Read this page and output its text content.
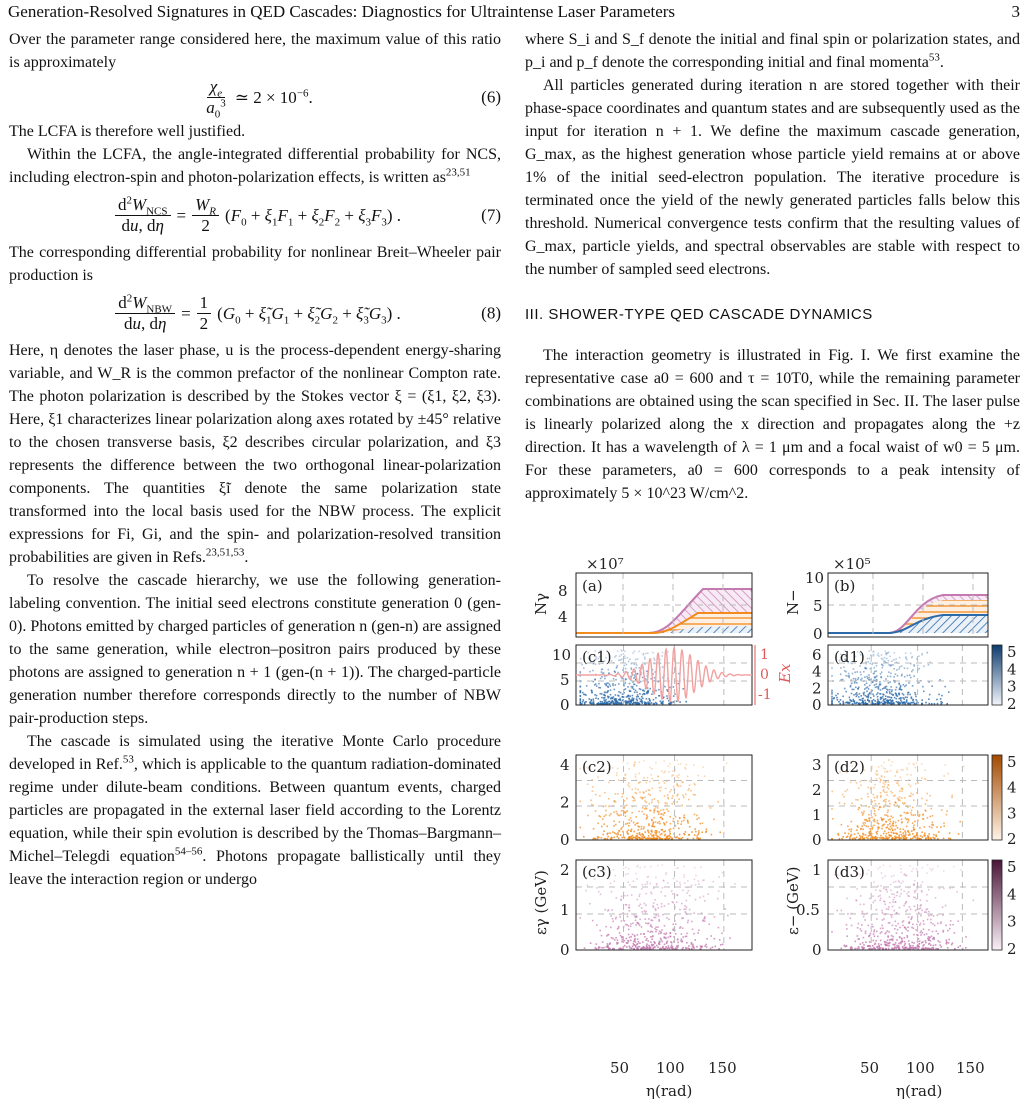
Generation-Resolved Signatures in QED Cascades: Diagnostics for Ultraintense Laser Parameters	3

Over the parameter range considered here, the maximum value of this ratio is approximately

$\frac{\chi_e}{a_0^3}$ ≃ $2 \times 10^{-6}$.	(6)

The LCFA is therefore well justified.

Within the LCFA, the angle-integrated differential probability for NCS, including electron-spin and photon-polarization effects, is written as$^{23,51}$

$\frac{d^2W_{NCS}}{du, d\eta} = \frac{W_R}{2} (F_0 + \xi_1F_1 + \xi_2F_2 + \xi_3F_3)$ .	(7)

The corresponding differential probability for nonlinear Breit–Wheeler pair production is

$\frac{d^2W_{NBW}}{du, d\eta} = \frac{1}{2} (G_0$ + $\xĩ_1G_1$ + $\xĩ_2G_2$ + $\xĩ_3G_3$) .	(8)

Here, η denotes the laser phase, u is the process-dependent energy-sharing variable, and W_R is the common prefactor of the nonlinear Compton rate. The photon polarization is described by the Stokes vector ξ = (ξ1, ξ2, ξ3). Here, ξ1 characterizes linear polarization along axes rotated by ±45° relative to the chosen transverse basis, ξ2 describes circular polarization, and ξ3 represents the difference between the two orthogonal linear-polarization components. The quantities ξ̃i denote the same polarization state transformed into the local basis used for the NBW process. The explicit expressions for Fi, Gi, and the spin- and polarization-resolved transition probabilities are given in Refs.$^{23,51,53}$.

To resolve the cascade hierarchy, we use the following generation-labeling convention. The initial seed electrons constitute generation 0 (gen-0). Photons emitted by charged particles of generation n (gen-n) are assigned to the same generation, while electron–positron pairs produced by these photons are assigned to generation n + 1 (gen-(n + 1)). The charged-particle generation number therefore corresponds directly to the number of NBW pair-production steps.

The cascade is simulated using the iterative Monte Carlo procedure developed in Ref.$^{53}$, which is applicable to the quantum radiation-dominated regime under dilute-beam conditions. Between quantum events, charged particles are propagated in the external laser field according to the Lorentz equation, while their spin evolution is described by the Thomas–Bargmann–Michel–Telegdi equation$^{54-56}$. Photons propagate ballistically until they leave the interaction region or undergo

where S_i and S_f denote the initial and final spin or polarization states, and p_i and p_f denote the corresponding initial and final momenta$^{53}$.

All particles generated during iteration n are stored together with their phase-space coordinates and quantum states and are subsequently used as the input for iteration n + 1. We define the maximum cascade generation, G_max, as the highest generation whose particle yield remains at or above 1% of the initial seed-electron population. The iterative procedure is terminated once the yield of the newly generated particles falls below this threshold. Numerical convergence tests confirm that the resulting values of G_max, particle yields, and spectral observables are stable with respect to the number of sampled seed electrons.

III. SHOWER-TYPE QED CASCADE DYNAMICS

The interaction geometry is illustrated in Fig. I. We first examine the representative case a0 = 600 and τ = 10T0, while the remaining parameter combinations are obtained using the scan specified in Sec. II. The laser pulse is linearly polarized along the x direction and propagates along the +z direction. It has a wavelength of λ = 1 μm and a focal waist of w0 = 5 μm. For these parameters, a0 = 600 corresponds to a peak intensity of approximately 5 × 10^23 W/cm^2.

×10⁷
(a)
8
4
Nγ
×10⁵
(b)
10
5
0
N−
(c1)
10
5
0
(c2)
4
2
0
(c3)
2
1
0
(d1)
6
4
2
0
5
4
3
2
(d2)
3
2
1
0
5
4
3
2
(d3)
1
0.5
0
5
4
3
2
1
0
-1
Ex
εγ (GeV)	ε− (GeV)
50 100 150
η(rad)
50 100 150
η(rad)
